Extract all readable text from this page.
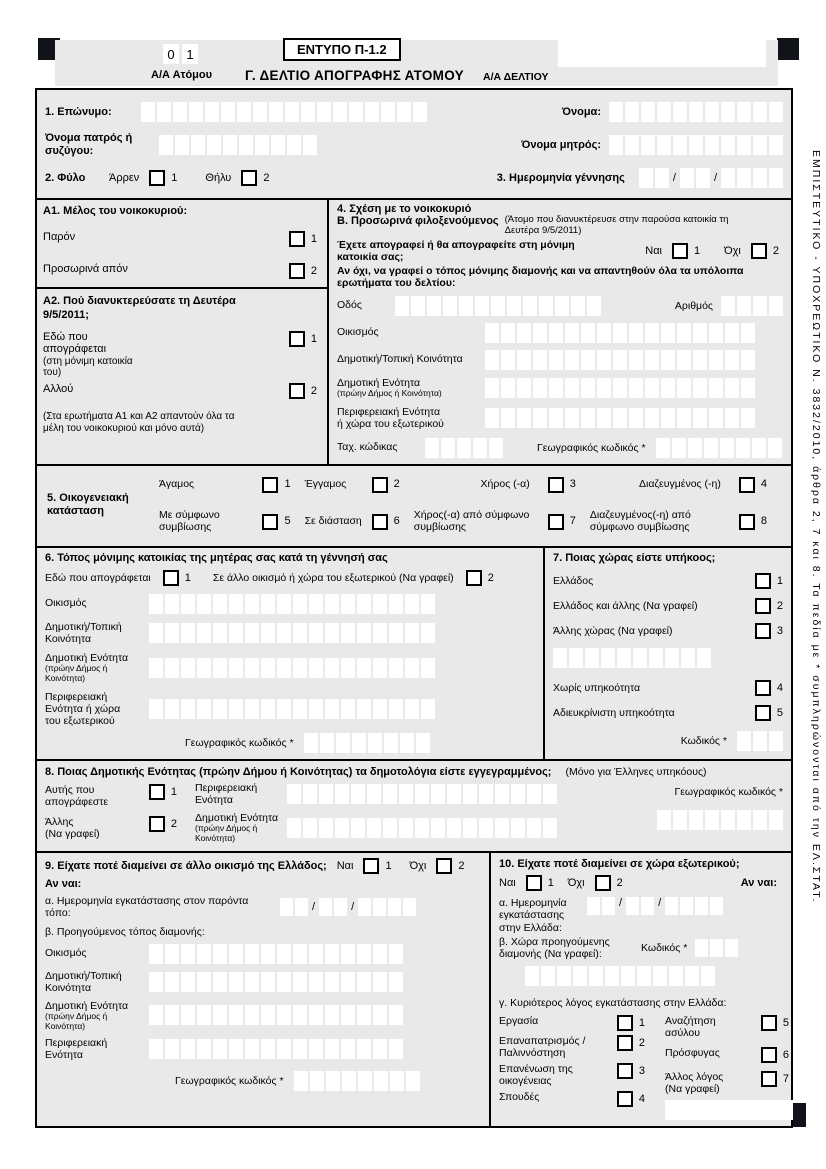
ΕΜΠΙΣΤΕΥΤΙΚΟ - ΥΠΟΧΡΕΩΤΙΚΟ Ν. 3832/2010, άρθρα 2, 7 και 8. Τα πεδία με * συμπληρώνονται από την ΕΛ.ΣΤΑΤ.
0 1
Α/Α Ατόμου
ΕΝΤΥΠΟ Π-1.2
Γ. ΔΕΛΤΙΟ ΑΠΟΓΡΑΦΗΣ ΑΤΟΜΟΥ Α/Α ΔΕΛΤΙΟΥ
1. Επώνυμο:	Όνομα:
Όνομα πατρός ή συζύγου:	Όνομα μητρός:
2. Φύλο	Άρρεν	1	Θήλυ	2	3. Ημερομηνία γέννησης	/	/
Α1. Μέλος του νοικοκυριού:
Παρόν	1
Προσωρινά απόν	2
Α2. Πού διανυκτερεύσατε τη Δευτέρα 9/5/2011;
Εδώ που απογράφεται
(στη μόνιμη κατοικία του)
1
Αλλού	2
(Στα ερωτήματα Α1 και Α2 απαντούν όλα τα μέλη του νοικοκυριού και μόνο αυτά)
4. Σχέση με το νοικοκυριό
Β. Προσωρινά φιλοξενούμενος (Άτομο που διανυκτέρευσε στην παρούσα κατοικία τη Δευτέρα 9/5/2011)
Έχετε απογραφεί ή θα απογραφείτε στη μόνιμη κατοικία σας;	Ναι	1 Όχι	2
Αν όχι, να γραφεί ο τόπος μόνιμης διαμονής και να απαντηθούν όλα τα υπόλοιπα ερωτήματα του δελτίου:
Οδός	Αριθμός
Οικισμός
Δημοτική/Τοπική Κοινότητα
Δημοτική Ενότητα
(πρώην Δήμος ή Κοινότητα)
Περιφερειακή Ενότητα
ή χώρα του εξωτερικού
Ταχ. κώδικας	Γεωγραφικός κωδικός *
5. Οικογενειακή
κατάσταση
Άγαμος	1 Έγγαμος	2	Χήρος (-α)	3	Διαζευγμένος (-η)	4
Με σύμφωνο συμβίωσης	5 Σε διάσταση	6
Χήρος(-α) από σύμφωνο συμβίωσης	7
Διαζευγμένος(-η) από σύμφωνο συμβίωσης	8
6. Τόπος μόνιμης κατοικίας της μητέρας σας κατά τη γέννησή σας
Εδώ που απογράφεται	1 Σε άλλο οικισμό ή χώρα του εξωτερικού (Να γραφεί)	2
Οικισμός
Δημοτική/Τοπική
Κοινότητα
Δημοτική Ενότητα
(πρώην Δήμος ή
Κοινότητα)
Περιφερειακή
Ενότητα ή χώρα
του εξωτερικού
Γεωγραφικός κωδικός *
7. Ποιας χώρας είστε υπήκοος;
Ελλάδος	1
Ελλάδος και άλλης (Να γραφεί)	2
Άλλης χώρας (Να γραφεί)	3
Χωρίς υπηκοότητα	4
Αδιευκρίνιστη υπηκοότητα	5
Κωδικός *
8. Ποιας Δημοτικής Ενότητας (πρώην Δήμου ή Κοινότητας) τα δημοτολόγια είστε εγγεγραμμένος; (Μόνο για Έλληνες υπηκόους)
Αυτής που
απογράφεστε
1
Άλλης
(Να γραφεί)
2
Περιφερειακή
Ενότητα
Δημοτική Ενότητα
(πρώην Δήμος ή
Κοινότητα)
Γεωγραφικός κωδικός *
9. Είχατε ποτέ διαμείνει σε άλλο οικισμό της Ελλάδος; Ναι	1 Όχι	2
Αν ναι:
α. Ημερομηνία εγκατάστασης στον παρόντα
τόπο:	/	/
β. Προηγούμενος τόπος διαμονής:
Οικισμός
Δημοτική/Τοπική
Κοινότητα
Δημοτική Ενότητα
(πρώην Δήμος ή
Κοινότητα)
Περιφερειακή
Ενότητα
Γεωγραφικός κωδικός *
10. Είχατε ποτέ διαμείνει σε χώρα εξωτερικού;
Ναι	1 Όχι	2	Αν ναι:
α. Ημερομηνία
εγκατάστασης
στην Ελλάδα:
/	/
β. Χώρα προηγούμενης
διαμονής (Να γραφεί):	Κωδικός *
γ. Κυριότερος λόγος εγκατάστασης στην Ελλάδα:
Εργασία	1
Επαναπατρισμός / Παλιννόστηση
2
Επανένωση της οικογένειας
3
Σπουδές	4
Αναζήτηση ασύλου
5
Πρόσφυγας	6
Άλλος λόγος (Να γραφεί)
7
